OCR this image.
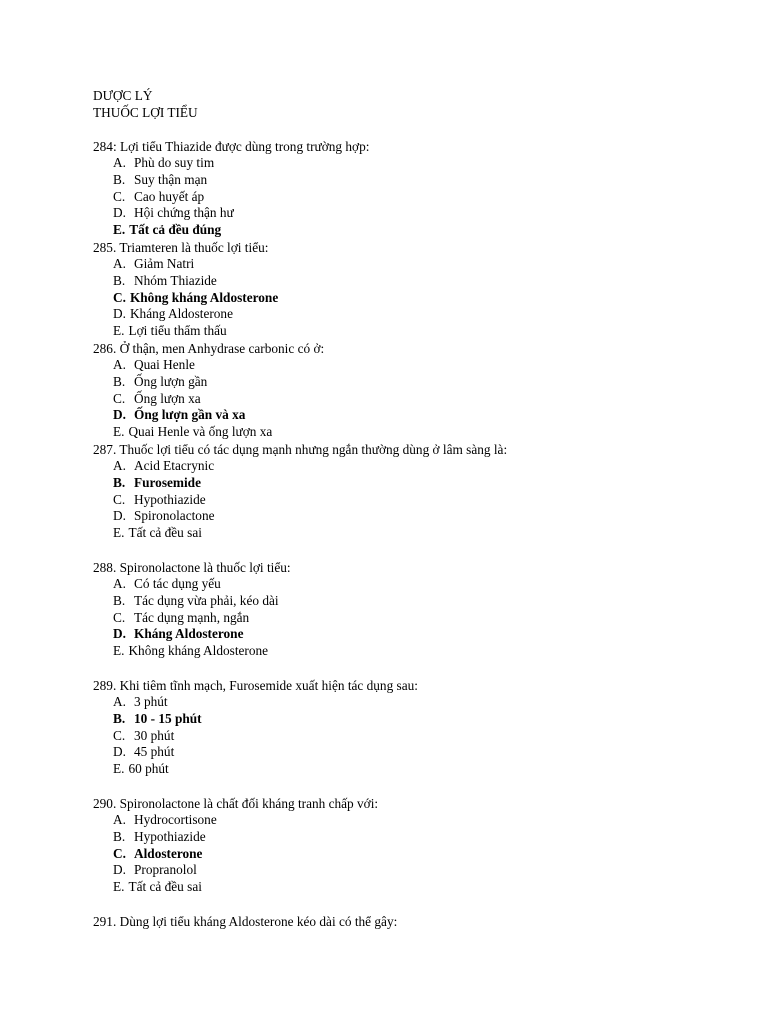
DƯỢC LÝ
THUỐC LỢI TIỂU
284: Lợi tiểu Thiazide được dùng trong trường hợp:
A. Phù do suy tim
B. Suy thận mạn
C. Cao huyết áp
D. Hội chứng thận hư
E. Tất cả đều đúng
285. Triamteren là thuốc lợi tiểu:
A. Giảm Natri
B. Nhóm Thiazide
C. Không kháng Aldosterone
D. Kháng Aldosterone
E. Lợi tiểu thẩm thấu
286. Ở thận, men Anhydrase carbonic có ở:
A. Quai Henle
B. Ống lượn gần
C. Ống lượn xa
D. Ống lượn gần và xa
E. Quai Henle và ống lượn xa
287. Thuốc lợi tiểu có tác dụng mạnh nhưng ngắn thường dùng ở lâm sàng là:
A. Acid Etacrynic
B. Furosemide
C. Hypothiazide
D. Spironolactone
E. Tất cả đều sai
288. Spironolactone là thuốc lợi tiểu:
A. Có tác dụng yếu
B. Tác dụng vừa phải, kéo dài
C. Tác dụng mạnh, ngắn
D. Kháng Aldosterone
E. Không kháng Aldosterone
289. Khi tiêm tĩnh mạch, Furosemide xuất hiện tác dụng sau:
A. 3 phút
B. 10 - 15 phút
C. 30 phút
D. 45 phút
E. 60 phút
290. Spironolactone là chất đối kháng tranh chấp với:
A. Hydrocortisone
B. Hypothiazide
C. Aldosterone
D. Propranolol
E. Tất cả đều sai
291. Dùng lợi tiểu kháng Aldosterone kéo dài có thể gây:
